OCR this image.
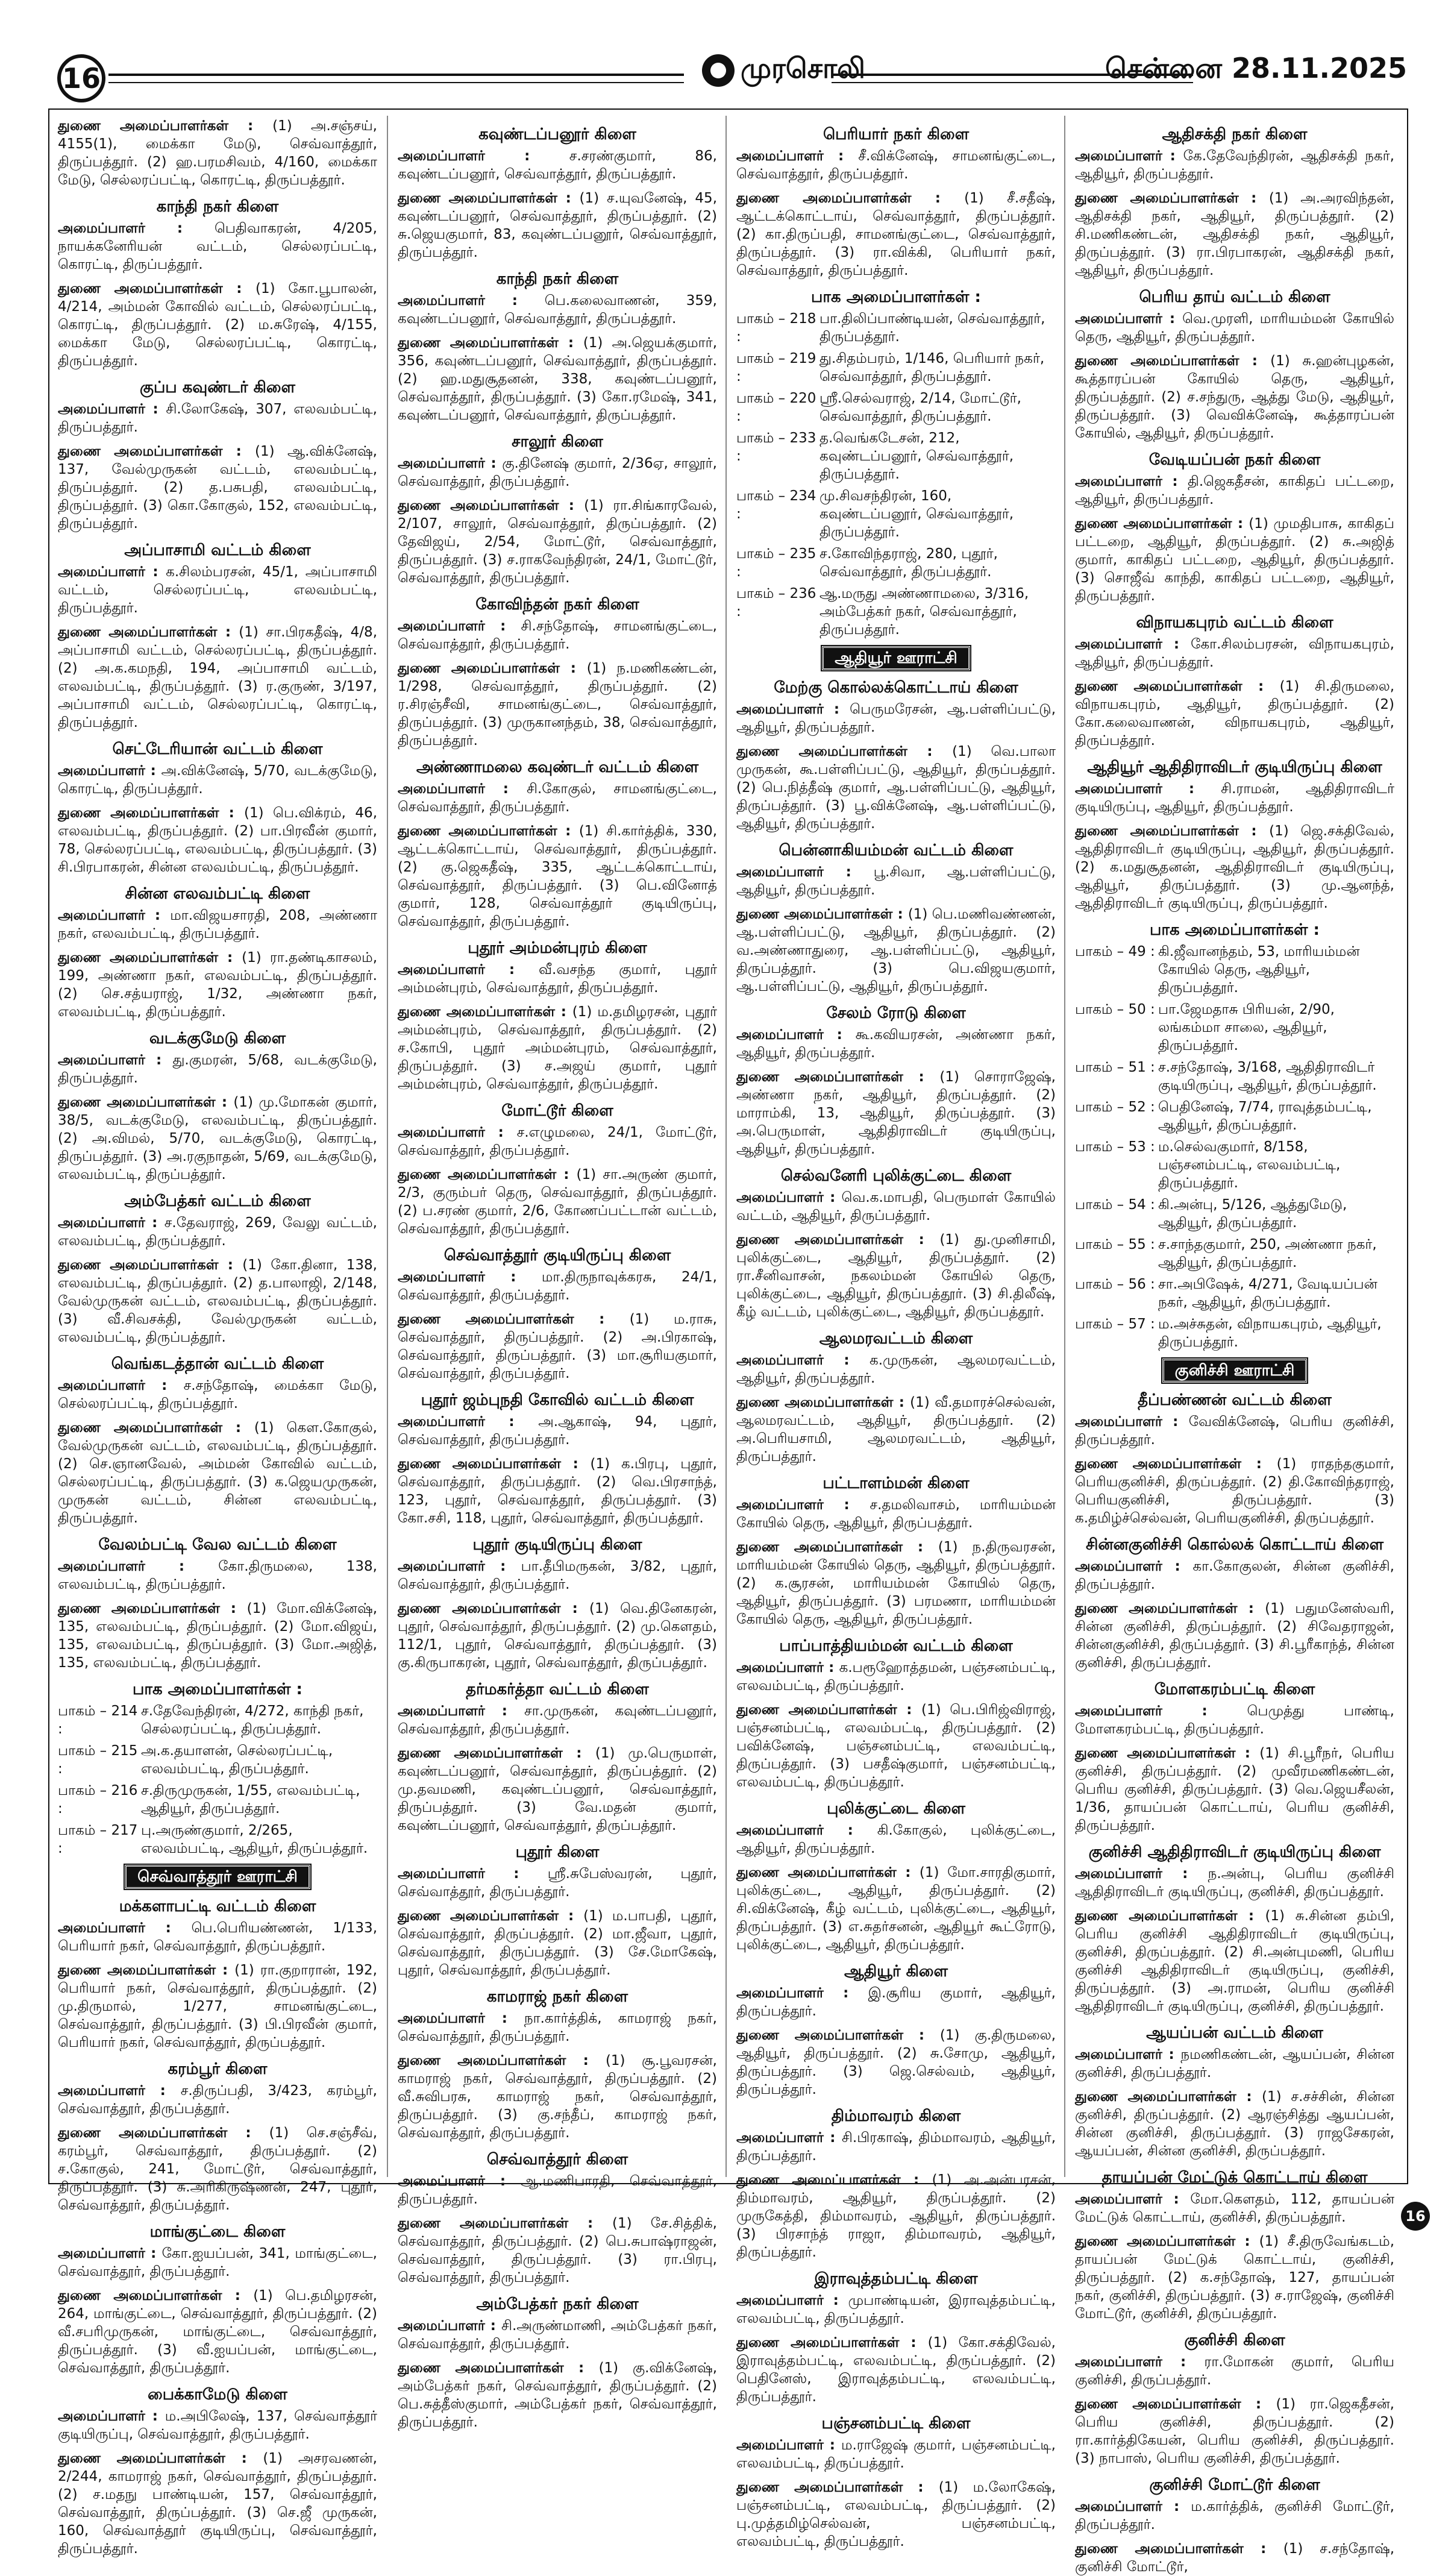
16	முரசொலி	சென்னை 28.11.2025

துணை அமைப்பாளர்கள் : (1) அ.சஞ்சய், 4155(1), மைக்கா மேடு, செவ்வாத்தூர், திருப்பத்தூர். (2) ஹ.பரமசிவம், 4/160, மைக்கா மேடு, செல்லரப்பட்டி, கொரட்டி, திருப்பத்தூர்.

காந்தி நகர் கிளை

அமைப்பாளர் : பெதிவாகரன், 4/205, நாயக்கனேரியன் வட்டம், செல்லரப்பட்டி, கொரட்டி, திருப்பத்தூர்.

துணை அமைப்பாளர்கள் : (1) கோ.பூபாலன், 4/214, அம்மன் கோவில் வட்டம், செல்லரப்பட்டி, கொரட்டி, திருப்பத்தூர். (2) ம.சுரேஷ், 4/155, மைக்கா மேடு, செல்லரப்பட்டி, கொரட்டி, திருப்பத்தூர்.

குப்ப கவுண்டர் கிளை

அமைப்பாளர் : சி.லோகேஷ், 307, எலவம்பட்டி, திருப்பத்தூர்.

துணை அமைப்பாளர்கள் : (1) ஆ.விக்னேஷ், 137, வேல்முருகன் வட்டம், எலவம்பட்டி, திருப்பத்தூர். (2) த.பசுபதி, எலவம்பட்டி, திருப்பத்தூர். (3) கொ.கோகுல், 152, எலவம்பட்டி, திருப்பத்தூர்.

அப்பாசாமி வட்டம் கிளை

அமைப்பாளர் : க.சிலம்பரசன், 45/1, அப்பாசாமி வட்டம், செல்லரப்பட்டி, எலவம்பட்டி, திருப்பத்தூர்.

துணை அமைப்பாளர்கள் : (1) சா.பிரகதீஷ், 4/8, அப்பாசாமி வட்டம், செல்லரப்பட்டி, திருப்பத்தூர். (2) அ.க.கமநதி, 194, அப்பாசாமி வட்டம், எலவம்பட்டி, திருப்பத்தூர். (3) ர.குருண், 3/197, அப்பாசாமி வட்டம், செல்லரப்பட்டி, கொரட்டி, திருப்பத்தூர்.

செட்டேரியான் வட்டம் கிளை

அமைப்பாளர் : அ.விக்னேஷ், 5/70, வடக்குமேடு, கொரட்டி, திருப்பத்தூர்.

துணை அமைப்பாளர்கள் : (1) பெ.விக்ரம், 46, எலவம்பட்டி, திருப்பத்தூர். (2) பா.பிரவீன் குமார், 78, செல்லரப்பட்டி, எலவம்பட்டி, திருப்பத்தூர். (3) சி.பிரபாகரன், சின்ன எலவம்பட்டி, திருப்பத்தூர்.

சின்ன எலவம்பட்டி கிளை

அமைப்பாளர் : மா.விஜயசாரதி, 208, அண்ணா நகர், எலவம்பட்டி, திருப்பத்தூர்.

துணை அமைப்பாளர்கள் : (1) ரா.தண்டிகாசலம், 199, அண்ணா நகர், எலவம்பட்டி, திருப்பத்தூர். (2) செ.சத்யராஜ், 1/32, அண்ணா நகர், எலவம்பட்டி, திருப்பத்தூர்.

வடக்குமேடு கிளை

அமைப்பாளர் : து.குமரன், 5/68, வடக்குமேடு, திருப்பத்தூர்.

துணை அமைப்பாளர்கள் : (1) மு.மோகன் குமார், 38/5, வடக்குமேடு, எலவம்பட்டி, திருப்பத்தூர். (2) அ.விமல், 5/70, வடக்குமேடு, கொரட்டி, திருப்பத்தூர். (3) அ.ரகுநாதன், 5/69, வடக்குமேடு, எலவம்பட்டி, திருப்பத்தூர்.

அம்பேத்கர் வட்டம் கிளை

அமைப்பாளர் : ச.தேவராஜ், 269, வேலு வட்டம், எலவம்பட்டி, திருப்பத்தூர்.

துணை அமைப்பாளர்கள் : (1) கோ.தினா, 138, எலவம்பட்டி, திருப்பத்தூர். (2) த.பாலாஜி, 2/148, வேல்முருகன் வட்டம், எலவம்பட்டி, திருப்பத்தூர். (3) வீ.சிவசக்தி, வேல்முருகன் வட்டம், எலவம்பட்டி, திருப்பத்தூர்.

வெங்கடத்தான் வட்டம் கிளை

அமைப்பாளர் : ச.சந்தோஷ், மைக்கா மேடு, செல்லரப்பட்டி, திருப்பத்தூர்.

துணை அமைப்பாளர்கள் : (1) கௌ.கோகுல், வேல்முருகன் வட்டம், எலவம்பட்டி, திருப்பத்தூர். (2) செ.ஞானவேல், அம்மன் கோவில் வட்டம், செல்லரப்பட்டி, திருப்பத்தூர். (3) க.ஜெயமுருகன், முருகன் வட்டம், சின்ன எலவம்பட்டி, திருப்பத்தூர்.

வேலம்பட்டி வேல வட்டம் கிளை

அமைப்பாளர் : கோ.திருமலை, 138, எலவம்பட்டி, திருப்பத்தூர்.

துணை அமைப்பாளர்கள் : (1) மோ.விக்னேஷ், 135, எலவம்பட்டி, திருப்பத்தூர். (2) மோ.விஜய், 135, எலவம்பட்டி, திருப்பத்தூர். (3) மோ.அஜித், 135, எலவம்பட்டி, திருப்பத்தூர்.

பாக அமைப்பாளர்கள் :
பாகம் – 214 :
ச.தேவேந்திரன், 4/272, காந்தி நகர், செல்லரப்பட்டி, திருப்பத்தூர்.
பாகம் – 215 :
அ.க.தயாளன், செல்லரப்பட்டி, எலவம்பட்டி, திருப்பத்தூர்.
பாகம் – 216 :
ச.திருமுருகன், 1/55, எலவம்பட்டி, ஆதியூர், திருப்பத்தூர்.
பாகம் – 217 :
பு.அருண்குமார், 2/265, எலவம்பட்டி, ஆதியூர், திருப்பத்தூர்.
செவ்வாத்தூர் ஊராட்சி
மக்களாபட்டி வட்டம் கிளை

அமைப்பாளர் : பெ.பெரியண்ணன், 1/133, பெரியார் நகர், செவ்வாத்தூர், திருப்பத்தூர்.

துணை அமைப்பாளர்கள் : (1) ரா.குறாரான், 192, பெரியார் நகர், செவ்வாத்தூர், திருப்பத்தூர். (2) மு.திருமால், 1/277, சாமனங்குட்டை, செவ்வாத்தூர், திருப்பத்தூர். (3) பி.பிரவீன் குமார், பெரியார் நகர், செவ்வாத்தூர், திருப்பத்தூர்.

கரம்பூர் கிளை

அமைப்பாளர் : ச.திருப்பதி, 3/423, கரம்பூர், செவ்வாத்தூர், திருப்பத்தூர்.

துணை அமைப்பாளர்கள் : (1) செ.சஞ்சீவ், கரம்பூர், செவ்வாத்தூர், திருப்பத்தூர். (2) ச.கோகுல், 241, மோட்டூர், செவ்வாத்தூர், திருப்பத்தூர். (3) சு.அரிகிருஷ்ணன், 247, புதூர், செவ்வாத்தூர், திருப்பத்தூர்.

மாங்குட்டை கிளை

அமைப்பாளர் : கோ.ஐயப்பன், 341, மாங்குட்டை, செவ்வாத்தூர், திருப்பத்தூர்.

துணை அமைப்பாளர்கள் : (1) பெ.தமிழரசன், 264, மாங்குட்டை, செவ்வாத்தூர், திருப்பத்தூர். (2) வீ.சபரிமுருகன், மாங்குட்டை, செவ்வாத்தூர், திருப்பத்தூர். (3) வீ.ஐயப்பன், மாங்குட்டை, செவ்வாத்தூர், திருப்பத்தூர்.

பைக்காமேடு கிளை

அமைப்பாளர் : ம.அபிலேஷ், 137, செவ்வாத்தூர் குடியிருப்பு, செவ்வாத்தூர், திருப்பத்தூர்.

துணை அமைப்பாளர்கள் : (1) அசரவணன், 2/244, காமராஜ் நகர், செவ்வாத்தூர், திருப்பத்தூர். (2) ச.மதநு பாண்டியன், 157, செவ்வாத்தூர், செவ்வாத்தூர், திருப்பத்தூர். (3) செ.ஜீ முருகன், 160, செவ்வாத்தூர் குடியிருப்பு, செவ்வாத்தூர், திருப்பத்தூர்.

கவுண்டப்பனூர் கிளை

அமைப்பாளர் : ச.சரண்குமார், 86, கவுண்டப்பனூர், செவ்வாத்தூர், திருப்பத்தூர்.

துணை அமைப்பாளர்கள் : (1) ச.யுவனேஷ், 45, கவுண்டப்பனூர், செவ்வாத்தூர், திருப்பத்தூர். (2) சு.ஜெயகுமார், 83, கவுண்டப்பனூர், செவ்வாத்தூர், திருப்பத்தூர்.

காந்தி நகர் கிளை

அமைப்பாளர் : பெ.கலைவாணன், 359, கவுண்டப்பனூர், செவ்வாத்தூர், திருப்பத்தூர்.

துணை அமைப்பாளர்கள் : (1) அ.ஜெயக்குமார், 356, கவுண்டப்பனூர், செவ்வாத்தூர், திருப்பத்தூர். (2) ஹ.மதுசூதனன், 338, கவுண்டப்பனூர், செவ்வாத்தூர், திருப்பத்தூர். (3) கோ.ரமேஷ், 341, கவுண்டப்பனூர், செவ்வாத்தூர், திருப்பத்தூர்.

சாலூர் கிளை

அமைப்பாளர் : கு.தினேஷ் குமார், 2/36ஏ, சாலூர், செவ்வாத்தூர், திருப்பத்தூர்.

துணை அமைப்பாளர்கள் : (1) ரா.சிங்காரவேல், 2/107, சாலூர், செவ்வாத்தூர், திருப்பத்தூர். (2) தேவிஜய், 2/54, மோட்டூர், செவ்வாத்தூர், திருப்பத்தூர். (3) ச.ராகவேந்திரன், 24/1, மோட்டூர், செவ்வாத்தூர், திருப்பத்தூர்.

கோவிந்தன் நகர் கிளை

அமைப்பாளர் : சி.சந்தோஷ், சாமனங்குட்டை, செவ்வாத்தூர், திருப்பத்தூர்.

துணை அமைப்பாளர்கள் : (1) ந.மணிகண்டன், 1/298, செவ்வாத்தூர், திருப்பத்தூர். (2) ர.சிரஞ்சீவி, சாமனங்குட்டை, செவ்வாத்தூர், திருப்பத்தூர். (3) முருகானந்தம், 38, செவ்வாத்தூர், திருப்பத்தூர்.

அண்ணாமலை கவுண்டர் வட்டம் கிளை

அமைப்பாளர் : சி.கோகுல், சாமனங்குட்டை, செவ்வாத்தூர், திருப்பத்தூர்.

துணை அமைப்பாளர்கள் : (1) சி.கார்த்திக், 330, ஆட்டக்கொட்டாய், செவ்வாத்தூர், திருப்பத்தூர். (2) கு.ஜெகதீஷ், 335, ஆட்டக்கொட்டாய், செவ்வாத்தூர், திருப்பத்தூர். (3) பெ.வினோத் குமார், 128, செவ்வாத்தூர் குடியிருப்பு, செவ்வாத்தூர், திருப்பத்தூர்.

புதூர் அம்மன்புரம் கிளை

அமைப்பாளர் : வீ.வசந்த குமார், புதூர் அம்மன்புரம், செவ்வாத்தூர், திருப்பத்தூர்.

துணை அமைப்பாளர்கள் : (1) ம.தமிழரசன், புதூர் அம்மன்புரம், செவ்வாத்தூர், திருப்பத்தூர். (2) ச.கோபி, புதூர் அம்மன்புரம், செவ்வாத்தூர், திருப்பத்தூர். (3) ச.அஜய் குமார், புதூர் அம்மன்புரம், செவ்வாத்தூர், திருப்பத்தூர்.

மோட்டூர் கிளை

அமைப்பாளர் : ச.எழுமலை, 24/1, மோட்டூர், செவ்வாத்தூர், திருப்பத்தூர்.

துணை அமைப்பாளர்கள் : (1) சா.அருண் குமார், 2/3, குரும்பர் தெரு, செவ்வாத்தூர், திருப்பத்தூர். (2) ப.சரண் குமார், 2/6, கோணப்பட்டான் வட்டம், செவ்வாத்தூர், திருப்பத்தூர்.

செவ்வாத்தூர் குடியிருப்பு கிளை

அமைப்பாளர் : மா.திருநாவுக்கரசு, 24/1, செவ்வாத்தூர், திருப்பத்தூர்.

துணை அமைப்பாளர்கள் : (1) ம.ராசு, செவ்வாத்தூர், திருப்பத்தூர். (2) அ.பிரகாஷ், செவ்வாத்தூர், திருப்பத்தூர். (3) மா.சூரியகுமார், செவ்வாத்தூர், திருப்பத்தூர்.

புதூர் ஜம்புநதி கோவில் வட்டம் கிளை

அமைப்பாளர் : அ.ஆகாஷ், 94, புதூர், செவ்வாத்தூர், திருப்பத்தூர்.

துணை அமைப்பாளர்கள் : (1) க.பிரபு, புதூர், செவ்வாத்தூர், திருப்பத்தூர். (2) வெ.பிரசாந்த், 123, புதூர், செவ்வாத்தூர், திருப்பத்தூர். (3) கோ.சசி, 118, புதூர், செவ்வாத்தூர், திருப்பத்தூர்.

புதூர் குடியிருப்பு கிளை

அமைப்பாளர் : பா.தீபிமருகன், 3/82, புதூர், செவ்வாத்தூர், திருப்பத்தூர்.

துணை அமைப்பாளர்கள் : (1) வெ.தினேகரன், புதூர், செவ்வாத்தூர், திருப்பத்தூர். (2) மு.கௌதம், 112/1, புதூர், செவ்வாத்தூர், திருப்பத்தூர். (3) கு.கிருபாகரன், புதூர், செவ்வாத்தூர், திருப்பத்தூர்.

தர்மகர்த்தா வட்டம் கிளை

அமைப்பாளர் : சா.முருகன், கவுண்டப்பனூர், செவ்வாத்தூர், திருப்பத்தூர்.

துணை அமைப்பாளர்கள் : (1) மு.பெருமாள், கவுண்டப்பனூர், செவ்வாத்தூர், திருப்பத்தூர். (2) மு.தவமணி, கவுண்டப்பனூர், செவ்வாத்தூர், திருப்பத்தூர். (3) வே.மதன் குமார், கவுண்டப்பனூர், செவ்வாத்தூர், திருப்பத்தூர்.

புதூர் கிளை

அமைப்பாளர் : ஸ்ரீ.சுபேஸ்வரன், புதூர், செவ்வாத்தூர், திருப்பத்தூர்.

துணை அமைப்பாளர்கள் : (1) ம.பாபதி, புதூர், செவ்வாத்தூர், திருப்பத்தூர். (2) மா.ஜீவா, புதூர், செவ்வாத்தூர், திருப்பத்தூர். (3) சே.மோகேஷ், புதூர், செவ்வாத்தூர், திருப்பத்தூர்.

காமராஜ் நகர் கிளை

அமைப்பாளர் : நா.கார்த்திக், காமராஜ் நகர், செவ்வாத்தூர், திருப்பத்தூர்.

துணை அமைப்பாளர்கள் : (1) சூ.பூவரசன், காமராஜ் நகர், செவ்வாத்தூர், திருப்பத்தூர். (2) வீ.சுவிபரசு, காமராஜ் நகர், செவ்வாத்தூர், திருப்பத்தூர். (3) கு.சந்தீப், காமராஜ் நகர், செவ்வாத்தூர், திருப்பத்தூர்.

செவ்வாத்தூர் கிளை

அமைப்பாளர் : ஆ.மணிபாரதி, செவ்வாத்தூர், திருப்பத்தூர்.

துணை அமைப்பாளர்கள் : (1) சே.சித்திக், செவ்வாத்தூர், திருப்பத்தூர். (2) பெ.சுபாஷ்ராஜன், செவ்வாத்தூர், திருப்பத்தூர். (3) ரா.பிரபு, செவ்வாத்தூர், திருப்பத்தூர்.

அம்பேத்கர் நகர் கிளை

அமைப்பாளர் : சி.அருண்மாணி, அம்பேத்கர் நகர், செவ்வாத்தூர், திருப்பத்தூர்.

துணை அமைப்பாளர்கள் : (1) கு.விக்னேஷ், அம்பேத்கர் நகர், செவ்வாத்தூர், திருப்பத்தூர். (2) பெ.சுத்தீஸ்குமார், அம்பேத்கர் நகர், செவ்வாத்தூர், திருப்பத்தூர்.

பெரியார் நகர் கிளை

அமைப்பாளர் : சீ.விக்னேஷ், சாமனங்குட்டை, செவ்வாத்தூர், திருப்பத்தூர்.

துணை அமைப்பாளர்கள் : (1) சீ.சதீஷ், ஆட்டக்கொட்டாய், செவ்வாத்தூர், திருப்பத்தூர். (2) கா.திருப்பதி, சாமனங்குட்டை, செவ்வாத்தூர், திருப்பத்தூர். (3) ரா.விக்கி, பெரியார் நகர், செவ்வாத்தூர், திருப்பத்தூர்.

பாக அமைப்பாளர்கள் :
பாகம் – 218 :
பா.திலிப்பாண்டியன், செவ்வாத்தூர், திருப்பத்தூர்.
பாகம் – 219 :
து.சிதம்பரம், 1/146, பெரியார் நகர், செவ்வாத்தூர், திருப்பத்தூர்.
பாகம் – 220 :
ஸ்ரீ.செல்வராஜ், 2/14, மோட்டூர், செவ்வாத்தூர், திருப்பத்தூர்.
பாகம் – 233 :
த.வெங்கடேசன், 212, கவுண்டப்பனூர், செவ்வாத்தூர், திருப்பத்தூர்.
பாகம் – 234 :
மு.சிவசந்திரன், 160, கவுண்டப்பனூர், செவ்வாத்தூர், திருப்பத்தூர்.
பாகம் – 235 :
ச.கோவிந்தராஜ், 280, புதூர், செவ்வாத்தூர், திருப்பத்தூர்.
பாகம் – 236 :
ஆ.மருது அண்ணாமலை, 3/316, அம்பேத்கர் நகர், செவ்வாத்தூர், திருப்பத்தூர்.
ஆதியூர் ஊராட்சி
மேற்கு கொல்லக்கொட்டாய் கிளை

அமைப்பாளர் : பெருமரேசன், ஆ.பள்ளிப்பட்டு, ஆதியூர், திருப்பத்தூர்.

துணை அமைப்பாளர்கள் : (1) வெ.பாலா முருகன், கூ.பள்ளிப்பட்டு, ஆதியூர், திருப்பத்தூர். (2) பெ.நித்தீஷ் குமார், ஆ.பள்ளிப்பட்டு, ஆதியூர், திருப்பத்தூர். (3) பூ.விக்னேஷ், ஆ.பள்ளிப்பட்டு, ஆதியூர், திருப்பத்தூர்.

பென்னாகியம்மன் வட்டம் கிளை

அமைப்பாளர் : பூ.சிவா, ஆ.பள்ளிப்பட்டு, ஆதியூர், திருப்பத்தூர்.

துணை அமைப்பாளர்கள் : (1) பெ.மணிவண்ணன், ஆ.பள்ளிப்பட்டு, ஆதியூர், திருப்பத்தூர். (2) வ.அண்ணாதுரை, ஆ.பள்ளிப்பட்டு, ஆதியூர், திருப்பத்தூர். (3) பெ.விஜயகுமார், ஆ.பள்ளிப்பட்டு, ஆதியூர், திருப்பத்தூர்.

சேலம் ரோடு கிளை

அமைப்பாளர் : கூ.கவியரசன், அண்ணா நகர், ஆதியூர், திருப்பத்தூர்.

துணை அமைப்பாளர்கள் : (1) சொராஜேஷ், அண்ணா நகர், ஆதியூர், திருப்பத்தூர். (2) மாராம்கி, 13, ஆதியூர், திருப்பத்தூர். (3) அ.பெருமாள், ஆதிதிராவிடர் குடியிருப்பு, ஆதியூர், திருப்பத்தூர்.

செல்வனேரி புலிக்குட்டை கிளை

அமைப்பாளர் : வெ.க.மாபதி, பெருமாள் கோயில் வட்டம், ஆதியூர், திருப்பத்தூர்.

துணை அமைப்பாளர்கள் : (1) து.முனிசாமி, புலிக்குட்டை, ஆதியூர், திருப்பத்தூர். (2) ரா.சீனிவாசன், நகலம்மன் கோயில் தெரு, புலிக்குட்டை, ஆதியூர், திருப்பத்தூர். (3) சி.திலீஷ், கீழ் வட்டம், புலிக்குட்டை, ஆதியூர், திருப்பத்தூர்.

ஆலமரவட்டம் கிளை

அமைப்பாளர் : க.முருகன், ஆலமரவட்டம், ஆதியூர், திருப்பத்தூர்.

துணை அமைப்பாளர்கள் : (1) வீ.தமாரச்செல்வன், ஆலமரவட்டம், ஆதியூர், திருப்பத்தூர். (2) அ.பெரியசாமி, ஆலமரவட்டம், ஆதியூர், திருப்பத்தூர்.

பட்டாளம்மன் கிளை

அமைப்பாளர் : ச.தமலிவாசம், மாரியம்மன் கோயில் தெரு, ஆதியூர், திருப்பத்தூர்.

துணை அமைப்பாளர்கள் : (1) ந.திருவரசன், மாரியம்மன் கோயில் தெரு, ஆதியூர், திருப்பத்தூர். (2) க.சூரசன், மாரியம்மன் கோயில் தெரு, ஆதியூர், திருப்பத்தூர். (3) பரமணா, மாரியம்மன் கோயில் தெரு, ஆதியூர், திருப்பத்தூர்.

பாப்பாத்தியம்மன் வட்டம் கிளை

அமைப்பாளர் : க.பரூஹோத்தமன், பஞ்சனம்பட்டி, எலவம்பட்டி, திருப்பத்தூர்.

துணை அமைப்பாளர்கள் : (1) பெ.பிரிஜ்விராஜ், பஞ்சனம்பட்டி, எலவம்பட்டி, திருப்பத்தூர். (2) பவிக்னேஷ், பஞ்சனம்பட்டி, எலவம்பட்டி, திருப்பத்தூர். (3) பசதீஷ்குமார், பஞ்சனம்பட்டி, எலவம்பட்டி, திருப்பத்தூர்.

புலிக்குட்டை கிளை

அமைப்பாளர் : கி.கோகுல், புலிக்குட்டை, ஆதியூர், திருப்பத்தூர்.

துணை அமைப்பாளர்கள் : (1) மோ.சாரதிகுமார், புலிக்குட்டை, ஆதியூர், திருப்பத்தூர். (2) சி.விக்னேஷ், கீழ் வட்டம், புலிக்குட்டை, ஆதியூர், திருப்பத்தூர். (3) எ.சுதர்சனன், ஆதியூர் கூட்ரோடு, புலிக்குட்டை, ஆதியூர், திருப்பத்தூர்.

ஆதியூர் கிளை

அமைப்பாளர் : இ.சூரிய குமார், ஆதியூர், திருப்பத்தூர்.

துணை அமைப்பாளர்கள் : (1) கு.திருமலை, ஆதியூர், திருப்பத்தூர். (2) சு.சோமு, ஆதியூர், திருப்பத்தூர். (3) ஜெ.செல்வம், ஆதியூர், திருப்பத்தூர்.

திம்மாவரம் கிளை

அமைப்பாளர் : சி.பிரகாஷ், திம்மாவரம், ஆதியூர், திருப்பத்தூர்.

துணை அமைப்பாளர்கள் : (1) அ.அன்பரசன், திம்மாவரம், ஆதியூர், திருப்பத்தூர். (2) முருகேத்தி, திம்மாவரம், ஆதியூர், திருப்பத்தூர். (3) பிரசாந்த் ராஜா, திம்மாவரம், ஆதியூர், திருப்பத்தூர்.

இராவுத்தம்பட்டி கிளை

அமைப்பாளர் : முபாண்டியன், இராவுத்தம்பட்டி, எலவம்பட்டி, திருப்பத்தூர்.

துணை அமைப்பாளர்கள் : (1) கோ.சக்திவேல், இராவுத்தம்பட்டி, எலவம்பட்டி, திருப்பத்தூர். (2) பெதினேஸ், இராவுத்தம்பட்டி, எலவம்பட்டி, திருப்பத்தூர்.

பஞ்சனம்பட்டி கிளை

அமைப்பாளர் : ம.ராஜேஷ் குமார், பஞ்சனம்பட்டி, எலவம்பட்டி, திருப்பத்தூர்.

துணை அமைப்பாளர்கள் : (1) ம.லோகேஷ், பஞ்சனம்பட்டி, எலவம்பட்டி, திருப்பத்தூர். (2) பு.முத்தமிழ்செல்வன், பஞ்சனம்பட்டி, எலவம்பட்டி, திருப்பத்தூர்.

ஆதிசக்தி நகர் கிளை

அமைப்பாளர் : கே.தேவேந்திரன், ஆதிசக்தி நகர், ஆதியூர், திருப்பத்தூர்.

துணை அமைப்பாளர்கள் : (1) அ.அரவிந்தன், ஆதிசக்தி நகர், ஆதியூர், திருப்பத்தூர். (2) சி.மணிகண்டன், ஆதிசக்தி நகர், ஆதியூர், திருப்பத்தூர். (3) ரா.பிரபாகரன், ஆதிசக்தி நகர், ஆதியூர், திருப்பத்தூர்.

பெரிய தாய் வட்டம் கிளை

அமைப்பாளர் : வெ.முரளி, மாரியம்மன் கோயில் தெரு, ஆதியூர், திருப்பத்தூர்.

துணை அமைப்பாளர்கள் : (1) சு.ஹன்புழகன், கூத்தாரப்பன் கோயில் தெரு, ஆதியூர், திருப்பத்தூர். (2) ச.சந்துரு, ஆத்து மேடு, ஆதியூர், திருப்பத்தூர். (3) வெவிக்னேஷ், கூத்தாரப்பன் கோயில், ஆதியூர், திருப்பத்தூர்.

வேடியப்பன் நகர் கிளை

அமைப்பாளர் : தி.ஜெகதீசன், காகிதப் பட்டறை, ஆதியூர், திருப்பத்தூர்.

துணை அமைப்பாளர்கள் : (1) முமதிபாசு, காகிதப் பட்டறை, ஆதியூர், திருப்பத்தூர். (2) சு.அஜித் குமார், காகிதப் பட்டறை, ஆதியூர், திருப்பத்தூர். (3) சொஜீவ் காந்தி, காகிதப் பட்டறை, ஆதியூர், திருப்பத்தூர்.

விநாயகபுரம் வட்டம் கிளை

அமைப்பாளர் : கோ.சிலம்பரசன், விநாயகபுரம், ஆதியூர், திருப்பத்தூர்.

துணை அமைப்பாளர்கள் : (1) சி.திருமலை, விநாயகபுரம், ஆதியூர், திருப்பத்தூர். (2) கோ.கலைவாணன், விநாயகபுரம், ஆதியூர், திருப்பத்தூர்.

ஆதியூர் ஆதிதிராவிடர் குடியிருப்பு கிளை

அமைப்பாளர் : சி.ராமன், ஆதிதிராவிடர் குடியிருப்பு, ஆதியூர், திருப்பத்தூர்.

துணை அமைப்பாளர்கள் : (1) ஜெ.சக்திவேல், ஆதிதிராவிடர் குடியிருப்பு, ஆதியூர், திருப்பத்தூர். (2) க.மதுசூதனன், ஆதிதிராவிடர் குடியிருப்பு, ஆதியூர், திருப்பத்தூர். (3) மு.ஆனந்த், ஆதிதிராவிடர் குடியிருப்பு, திருப்பத்தூர்.

பாக அமைப்பாளர்கள் :
பாகம் – 49 : கி.ஜீவானந்தம், 53, மாரியம்மன் கோயில் தெரு, ஆதியூர், திருப்பத்தூர்.
பாகம் – 50 : பா.ஜேமதாசு பிரியன், 2/90, லங்கம்மா சாலை, ஆதியூர், திருப்பத்தூர்.
பாகம் – 51 : ச.சந்தோஷ், 3/168, ஆதிதிராவிடர் குடியிருப்பு, ஆதியூர், திருப்பத்தூர்.
பாகம் – 52 : பெதினேஷ், 7/74, ராவுத்தம்பட்டி, ஆதியூர், திருப்பத்தூர்.
பாகம் – 53 : ம.செல்வகுமார், 8/158, பஞ்சனம்பட்டி, எலவம்பட்டி, திருப்பத்தூர்.
பாகம் – 54 : கி.அன்பு, 5/126, ஆத்துமேடு, ஆதியூர், திருப்பத்தூர்.
பாகம் – 55 : ச.சாந்தகுமார், 250, அண்ணா நகர், ஆதியூர், திருப்பத்தூர்.
பாகம் – 56 : சா.அபிஷேக், 4/271, வேடியப்பன் நகர், ஆதியூர், திருப்பத்தூர்.
பாகம் – 57 : ம.அச்சுதன், விநாயகபுரம், ஆதியூர், திருப்பத்தூர்.
குனிச்சி ஊராட்சி
தீப்பண்ணன் வட்டம் கிளை

அமைப்பாளர் : வேவிக்னேஷ், பெரிய குனிச்சி, திருப்பத்தூர்.

துணை அமைப்பாளர்கள் : (1) ராதந்தகுமார், பெரியகுனிச்சி, திருப்பத்தூர். (2) தி.கோவிந்தராஜ், பெரியகுனிச்சி, திருப்பத்தூர். (3) க.தமிழ்ச்செல்வன், பெரியகுனிச்சி, திருப்பத்தூர்.

சின்னகுனிச்சி கொல்லக் கொட்டாய் கிளை

அமைப்பாளர் : கா.கோகுலன், சின்ன குனிச்சி, திருப்பத்தூர்.

துணை அமைப்பாளர்கள் : (1) பதுமனேஸ்வரி, சின்ன குனிச்சி, திருப்பத்தூர். (2) சிவேதராஜன், சின்னகுனிச்சி, திருப்பத்தூர். (3) சி.பூரீகாந்த், சின்ன குனிச்சி, திருப்பத்தூர்.

மோளகரம்பட்டி கிளை

அமைப்பாளர் : பெமுத்து பாண்டி, மோளகரம்பட்டி, திருப்பத்தூர்.

துணை அமைப்பாளர்கள் : (1) சி.பூரீநர், பெரிய குனிச்சி, திருப்பத்தூர். (2) முவீரமணிகண்டன், பெரிய குனிச்சி, திருப்பத்தூர். (3) வெ.ஜெயசீலன், 1/36, தாயப்பன் கொட்டாய், பெரிய குனிச்சி, திருப்பத்தூர்.

குனிச்சி ஆதிதிராவிடர் குடியிருப்பு கிளை

அமைப்பாளர் : ந.அன்பு, பெரிய குனிச்சி ஆதிதிராவிடர் குடியிருப்பு, குனிச்சி, திருப்பத்தூர்.

துணை அமைப்பாளர்கள் : (1) சு.சின்ன தம்பி, பெரிய குனிச்சி ஆதிதிராவிடர் குடியிருப்பு, குனிச்சி, திருப்பத்தூர். (2) சி.அன்புமணி, பெரிய குனிச்சி ஆதிதிராவிடர் குடியிருப்பு, குனிச்சி, திருப்பத்தூர். (3) அ.ராமன், பெரிய குனிச்சி ஆதிதிராவிடர் குடியிருப்பு, குனிச்சி, திருப்பத்தூர்.

ஆயப்பன் வட்டம் கிளை

அமைப்பாளர் : நமணிகண்டன், ஆயப்பன், சின்ன குனிச்சி, திருப்பத்தூர்.

துணை அமைப்பாளர்கள் : (1) ச.சச்சின், சின்ன குனிச்சி, திருப்பத்தூர். (2) ஆரஞ்சித்து ஆயப்பன், சின்ன குனிச்சி, திருப்பத்தூர். (3) ராஜசேகரன், ஆயப்பன், சின்ன குனிச்சி, திருப்பத்தூர்.

தாயப்பன் மேட்டுக் கொட்டாய் கிளை

அமைப்பாளர் : மோ.கௌதம், 112, தாயப்பன் மேட்டுக் கொட்டாய், குனிச்சி, திருப்பத்தூர்.

துணை அமைப்பாளர்கள் : (1) சீ.திருவேங்கடம், தாயப்பன் மேட்டுக் கொட்டாய், குனிச்சி, திருப்பத்தூர். (2) க.சந்தோஷ், 127, தாயப்பன் நகர், குனிச்சி, திருப்பத்தூர். (3) ச.ராஜேஷ், குனிச்சி மோட்டூர், குனிச்சி, திருப்பத்தூர்.

குனிச்சி கிளை

அமைப்பாளர் : ரா.மோகன் குமார், பெரிய குனிச்சி, திருப்பத்தூர்.

துணை அமைப்பாளர்கள் : (1) ரா.ஜெகதீசன், பெரிய குனிச்சி, திருப்பத்தூர். (2) ரா.கார்த்திகேயன், பெரிய குனிச்சி, திருப்பத்தூர். (3) நாபாஸ், பெரிய குனிச்சி, திருப்பத்தூர்.

குனிச்சி மோட்டூர் கிளை

அமைப்பாளர் : ம.கார்த்திக், குனிச்சி மோட்டூர், திருப்பத்தூர்.

துணை அமைப்பாளர்கள் : (1) ச.சந்தோஷ், குனிச்சி மோட்டூர்,

16
